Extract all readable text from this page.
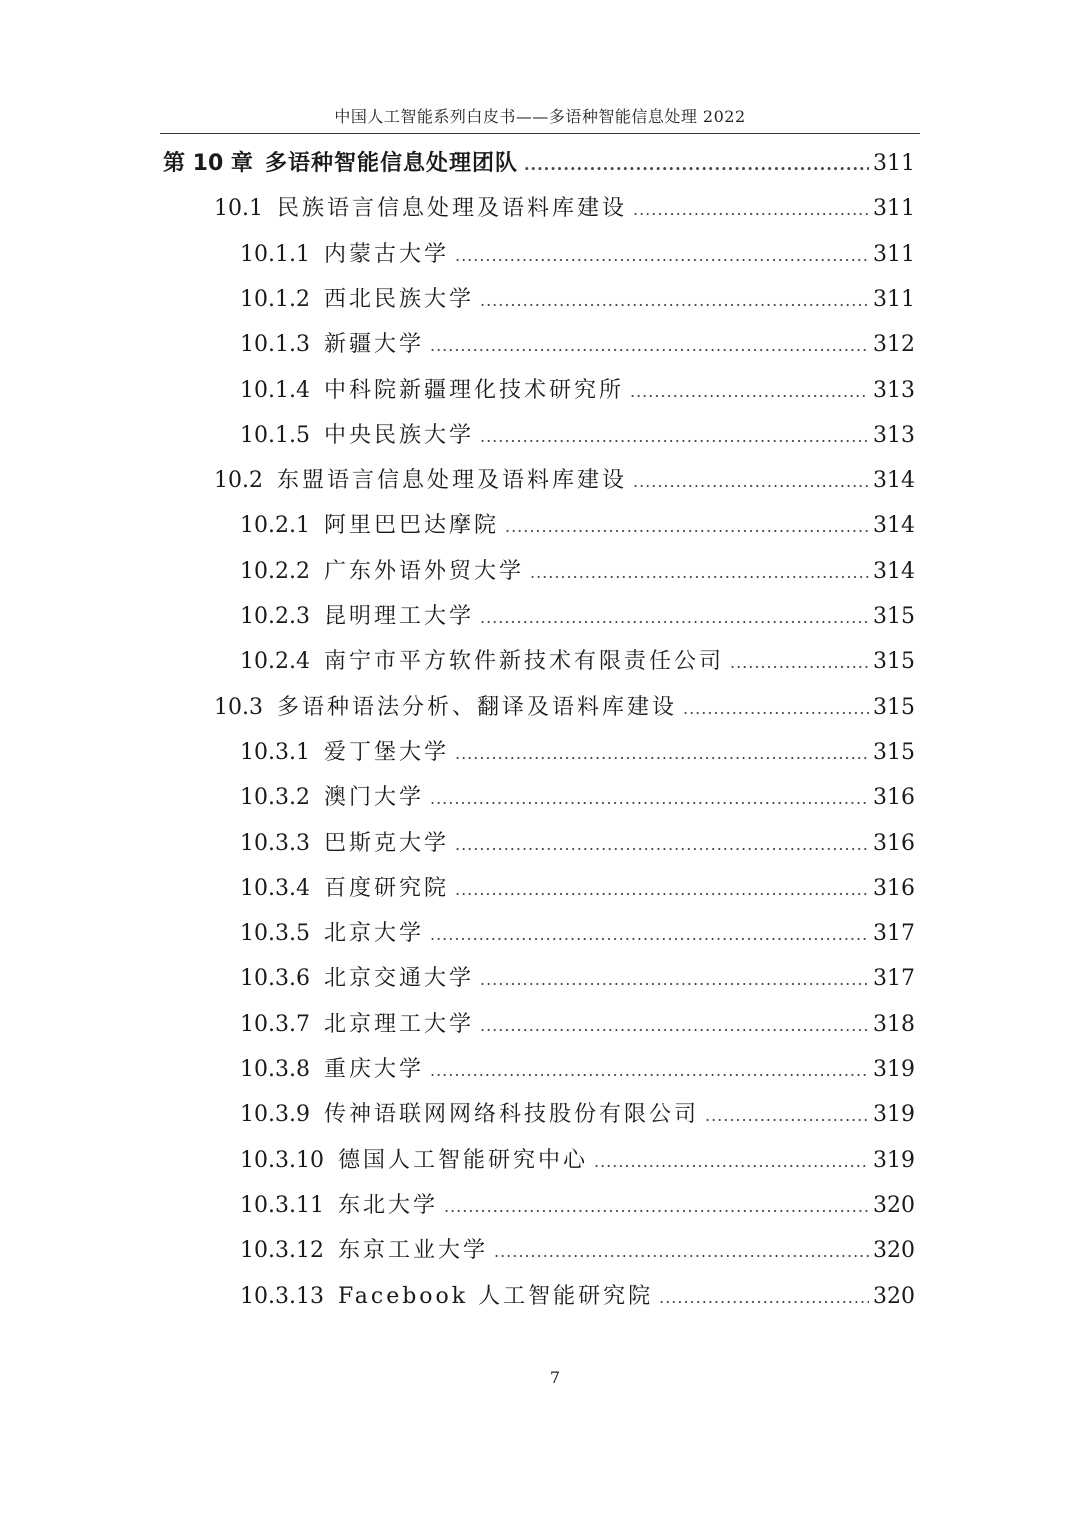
中国人工智能系列白皮书——多语种智能信息处理 2022
第 10 章 多语种智能信息处理团队 .....	311
10.1 民族语言信息处理及语料库建设 .....	311
10.1.1 内蒙古大学 .....	311
10.1.2 西北民族大学 .....	311
10.1.3 新疆大学 .....	312
10.1.4 中科院新疆理化技术研究所 .....	313
10.1.5 中央民族大学 .....	313
10.2 东盟语言信息处理及语料库建设 .....	314
10.2.1 阿里巴巴达摩院 .....	314
10.2.2 广东外语外贸大学 .....	314
10.2.3 昆明理工大学 .....	315
10.2.4 南宁市平方软件新技术有限责任公司 .....	315
10.3 多语种语法分析、翻译及语料库建设 .....	315
10.3.1 爱丁堡大学 .....	315
10.3.2 澳门大学 .....	316
10.3.3 巴斯克大学 .....	316
10.3.4 百度研究院 .....	316
10.3.5 北京大学 .....	317
10.3.6 北京交通大学 .....	317
10.3.7 北京理工大学 .....	318
10.3.8 重庆大学 .....	319
10.3.9 传神语联网网络科技股份有限公司 .....	319
10.3.10 德国人工智能研究中心 .....	319
10.3.11 东北大学 .....	320
10.3.12 东京工业大学 .....	320
10.3.13 Facebook 人工智能研究院 .....	320
7
